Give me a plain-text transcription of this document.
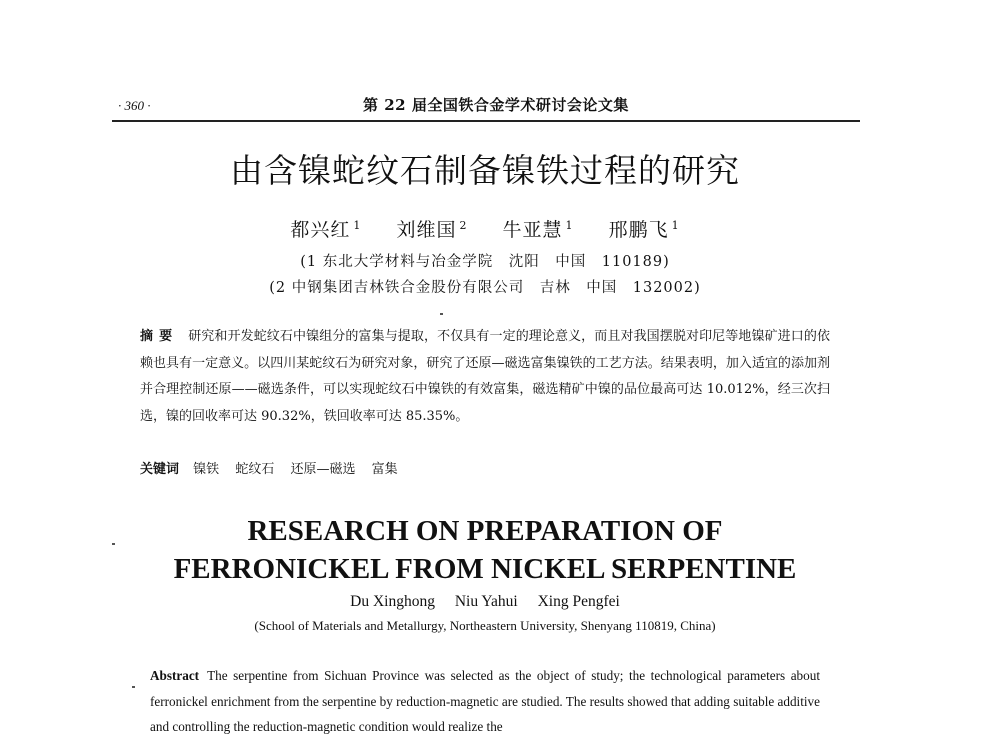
· 360 ·	第 22 届全国铁合金学术研讨会论文集
由含镍蛇纹石制备镍铁过程的研究
都兴红 $^1$ 刘维国 $^2$ 牛亚慧 $^1$ 邢鹏飞 $^1$
(1 东北大学材料与冶金学院　沈阳　中国　110189)
(2 中钢集团吉林铁合金股份有限公司　吉林　中国　132002)
摘要 研究和开发蛇纹石中镍组分的富集与提取，不仅具有一定的理论意义，而且对我国摆脱对印尼等地镍矿进口的依赖也具有一定意义。以四川某蛇纹石为研究对象，研究了还原—磁选富集镍铁的工艺方法。结果表明，加入适宜的添加剂并合理控制还原——磁选条件，可以实现蛇纹石中镍铁的有效富集，磁选精矿中镍的品位最高可达 10.012%，经三次扫选，镍的回收率可达 90.32%，铁回收率可达 85.35%。
关键词 镍铁 蛇纹石 还原—磁选 富集
RESEARCH ON PREPARATION OF
FERRONICKEL FROM NICKEL SERPENTINE
Du Xinghong Niu Yahui Xing Pengfei
(School of Materials and Metallurgy, Northeastern University, Shenyang 110819, China)
Abstract The serpentine from Sichuan Province was selected as the object of study; the technological parameters about ferronickel enrichment from the serpentine by reduction-magnetic are studied. The results showed that adding suitable additive and controlling the reduction-magnetic condition would realize the
